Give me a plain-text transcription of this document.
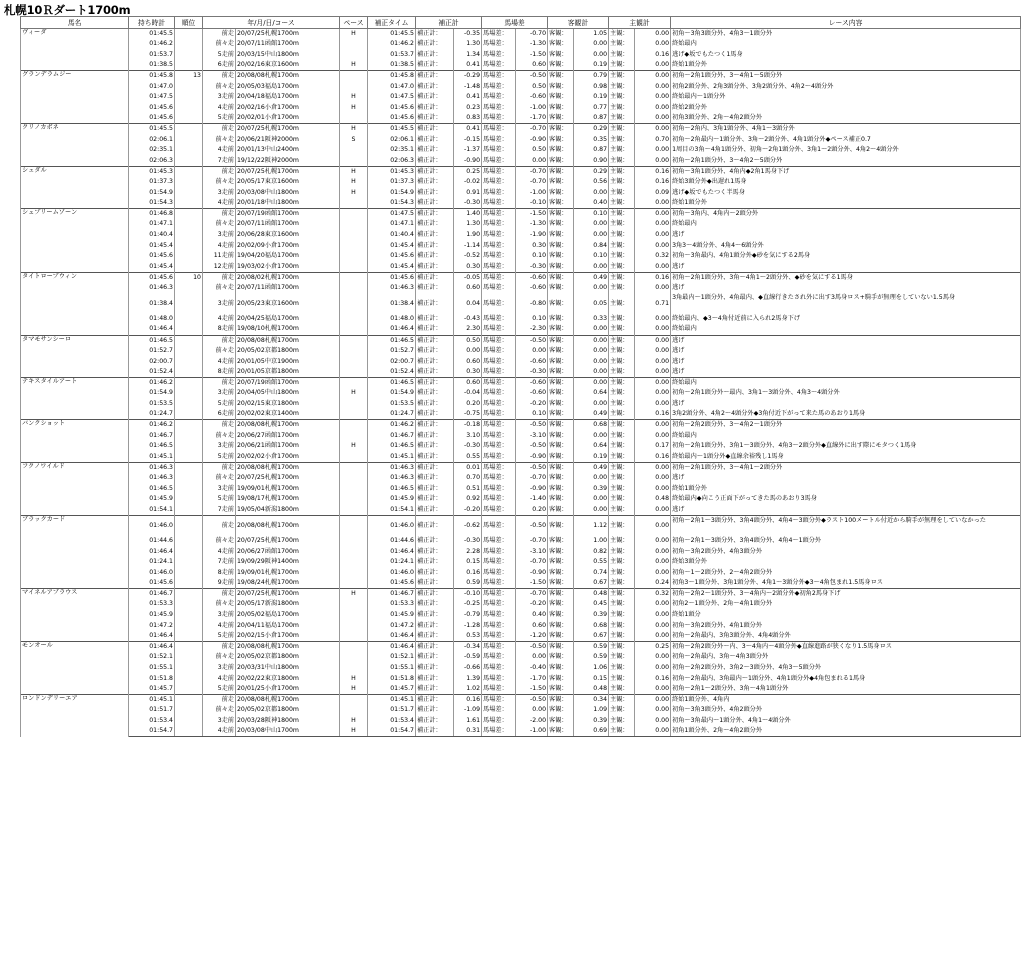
札幌10Ｒダート1700m
馬名	持ち時計	順位	年/月/日/コース		ペース	補正タイム	補正計		馬場差		客観計		主観計		レース内容
ヴィーダ	01:45.5		前走	20/07/25札幌1700m	H	01:45.5	補正計：	-0.35	馬場差：	-0.70	客観：	1.05	主観：	0.00	初角～3角3頭分外、4角3～1頭分外
	01:46.2		前々走	20/07/11函館1700m		01:46.2	補正計：	1.30	馬場差：	-1.30	客観：	0.00	主観：	0.00	終始最内
	01:53.7		5走前	20/03/15中山1800m		01:53.7	補正計：	1.34	馬場差：	-1.50	客観：	0.00	主観：	0.16	逃げ◆坂でもたつく1馬身
	01:38.5		6走前	20/02/16東京1600m	H	01:38.5	補正計：	0.41	馬場差：	0.60	客観：	0.19	主観：	0.00	終始1頭分外
グランデラムジー	01:45.8	13	前走	20/08/08札幌1700m		01:45.8	補正計：	-0.29	馬場差：	-0.50	客観：	0.79	主観：	0.00	初角～2角1頭分外、3～4角1～5頭分外
	01:47.0		前々走	20/05/03福島1700m		01:47.0	補正計：	-1.48	馬場差：	0.50	客観：	0.98	主観：	0.00	初角2頭分外、2角3頭分外、3角2頭分外、4角2～4頭分外
	01:47.5		3走前	20/04/18福島1700m	H	01:47.5	補正計：	0.41	馬場差：	-0.60	客観：	0.19	主観：	0.00	終始最内～1頭分外
	01:45.6		4走前	20/02/16小倉1700m	H	01:45.6	補正計：	0.23	馬場差：	-1.00	客観：	0.77	主観：	0.00	終始2頭分外
	01:45.6		5走前	20/02/01小倉1700m		01:45.6	補正計：	0.83	馬場差：	-1.70	客観：	0.87	主観：	0.00	初角3頭分外、2角～4角2頭分外
クリノカポネ	01:45.5		前走	20/07/25札幌1700m	H	01:45.5	補正計：	0.41	馬場差：	-0.70	客観：	0.29	主観：	0.00	初角～2角内、3角1頭分外、4角1～3頭分外
	02:06.1		前々走	20/06/21阪神2000m	S	02:06.1	補正計：	-0.15	馬場差：	-0.90	客観：	0.35	主観：	0.70	初角～2角最内～1頭分外、3角～2頭分外、4角1頭分外◆ペース補正0.7
	02:35.1		4走前	20/01/13中山2400m		02:35.1	補正計：	-1.37	馬場差：	0.50	客観：	0.87	主観：	0.00	1周目の3角～4角1頭分外、初角～2角1頭分外、3角1～2頭分外、4角2～4頭分外
	02:06.3		7走前	19/12/22阪神2000m		02:06.3	補正計：	-0.90	馬場差：	0.00	客観：	0.90	主観：	0.00	初角～2角1頭分外、3～4角2～5頭分外
シェダル	01:45.3		前走	20/07/25札幌1700m	H	01:45.3	補正計：	0.25	馬場差：	-0.70	客観：	0.29	主観：	0.16	初角～3角1頭分外、4角内◆2角1馬身下げ
	01:37.3		前々走	20/05/17東京1600m	H	01:37.3	補正計：	-0.02	馬場差：	-0.70	客観：	0.56	主観：	0.16	終始3頭分外◆出遅れ1馬身
	01:54.9		3走前	20/03/08中山1800m	H	01:54.9	補正計：	0.91	馬場差：	-1.00	客観：	0.00	主観：	0.09	逃げ◆坂でもたつく半馬身
	01:54.3		4走前	20/01/18中山1800m		01:54.3	補正計：	-0.30	馬場差：	-0.10	客観：	0.40	主観：	0.00	終始1頭分外
シュプリームゾーン	01:46.8		前走	20/07/19函館1700m		01:47.5	補正計：	1.40	馬場差：	-1.50	客観：	0.10	主観：	0.00	初角～3角内、4角内～2頭分外
	01:47.1		前々走	20/07/11函館1700m		01:47.1	補正計：	1.30	馬場差：	-1.30	客観：	0.00	主観：	0.00	終始最内
	01:40.4		3走前	20/06/28東京1600m		01:40.4	補正計：	1.90	馬場差：	-1.90	客観：	0.00	主観：	0.00	逃げ
	01:45.4		4走前	20/02/09小倉1700m		01:45.4	補正計：	-1.14	馬場差：	0.30	客観：	0.84	主観：	0.00	3角3～4頭分外、4角4～6頭分外
	01:45.6		11走前	19/04/20福島1700m		01:45.6	補正計：	-0.52	馬場差：	0.10	客観：	0.10	主観：	0.32	初角～3角最内、4角1頭分外◆砂を気にする2馬身
	01:45.4		12走前	19/03/02小倉1700m		01:45.4	補正計：	0.30	馬場差：	-0.30	客観：	0.00	主観：	0.00	逃げ
タイトロープウィン	01:45.6	10	前走	20/08/02札幌1700m		01:45.6	補正計：	-0.05	馬場差：	-0.60	客観：	0.49	主観：	0.16	初角～2角1頭分外、3角～4角1～2頭分外、◆砂を気にする1馬身
	01:46.3		前々走	20/07/11函館1700m		01:46.3	補正計：	0.60	馬場差：	-0.60	客観：	0.00	主観：	0.00	逃げ
	01:38.4		3走前	20/05/23東京1600m		01:38.4	補正計：	0.04	馬場差：	-0.80	客観：	0.05	主観：	0.71	3角最内～1頭分外、4角最内、◆直線行きたされ外に出す3馬身ロス+騎手が無理をしていない1.5馬身
	01:48.0		4走前	20/04/25福島1700m		01:48.0	補正計：	-0.43	馬場差：	0.10	客観：	0.33	主観：	0.00	終始最内、◆3～4角付近前に入られ2馬身下げ
	01:46.4		8走前	19/08/10札幌1700m		01:46.4	補正計：	2.30	馬場差：	-2.30	客観：	0.00	主観：	0.00	終始最内
タマモサンシーロ	01:46.5		前走	20/08/08札幌1700m		01:46.5	補正計：	0.50	馬場差：	-0.50	客観：	0.00	主観：	0.00	逃げ
	01:52.7		前々走	20/05/02京都1800m		01:52.7	補正計：	0.00	馬場差：	0.00	客観：	0.00	主観：	0.00	逃げ
	02:00.7		4走前	20/01/05中京1900m		02:00.7	補正計：	0.60	馬場差：	-0.60	客観：	0.00	主観：	0.00	逃げ
	01:52.4		8走前	20/01/05京都1800m		01:52.4	補正計：	0.30	馬場差：	-0.30	客観：	0.00	主観：	0.00	逃げ
テキスタイルアート	01:46.2		前走	20/07/19函館1700m		01:46.5	補正計：	0.60	馬場差：	-0.60	客観：	0.00	主観：	0.00	終始最内
	01:54.9		3走前	20/04/05中山1800m	H	01:54.9	補正計：	-0.04	馬場差：	-0.60	客観：	0.64	主観：	0.00	初角～2角1頭分外～最内、3角1～3頭分外、4角3～4頭分外
	01:53.5		5走前	20/02/15東京1800m		01:53.5	補正計：	0.20	馬場差：	-0.20	客観：	0.00	主観：	0.00	逃げ
	01:24.7		6走前	20/02/02東京1400m		01:24.7	補正計：	-0.75	馬場差：	0.10	客観：	0.49	主観：	0.16	3角2頭分外、4角2～4頭分外◆3角付近下がって来た馬のあおり1馬身
バンクショット	01:46.2		前走	20/08/08札幌1700m		01:46.2	補正計：	-0.18	馬場差：	-0.50	客観：	0.68	主観：	0.00	初角～2角2頭分外、3～4角2～1頭分外
	01:46.7		前々走	20/06/27函館1700m		01:46.7	補正計：	3.10	馬場差：	-3.10	客観：	0.00	主観：	0.00	終始最内
	01:46.5		3走前	20/06/21函館1700m	H	01:46.5	補正計：	-0.30	馬場差：	-0.50	客観：	0.64	主観：	0.17	初角～2角1頭分外、3角1～3頭分外、4角3～2頭分外◆直線外に出す際にモタつく1馬身
	01:45.1		5走前	20/02/02小倉1700m		01:45.1	補正計：	0.55	馬場差：	-0.90	客観：	0.19	主観：	0.16	終始最内～1頭分外◆直線余裕残し1馬身
フクノワイルド	01:46.3		前走	20/08/08札幌1700m		01:46.3	補正計：	0.01	馬場差：	-0.50	客観：	0.49	主観：	0.00	初角～2角1頭分外、3～4角1～2頭分外
	01:46.3		前々走	20/07/25札幌1700m		01:46.3	補正計：	0.70	馬場差：	-0.70	客観：	0.00	主観：	0.00	逃げ
	01:46.5		3走前	19/09/01札幌1700m		01:46.5	補正計：	0.51	馬場差：	-0.90	客観：	0.39	主観：	0.00	終始1頭分外
	01:45.9		5走前	19/08/17札幌1700m		01:45.9	補正計：	0.92	馬場差：	-1.40	客観：	0.00	主観：	0.48	終始最内◆向こう正面下がってきた馬のあおり3馬身
	01:54.1		7走前	19/05/04新潟1800m		01:54.1	補正計：	-0.20	馬場差：	0.20	客観：	0.00	主観：	0.00	逃げ
ブラックカード	01:46.0		前走	20/08/08札幌1700m		01:46.0	補正計：	-0.62	馬場差：	-0.50	客観：	1.12	主観：	0.00	初角～2角1～3頭分外、3角4頭分外、4角4～3頭分外◆ラスト100メートル付近から騎手が無理をしていなかった
	01:44.6		前々走	20/07/25札幌1700m		01:44.6	補正計：	-0.30	馬場差：	-0.70	客観：	1.00	主観：	0.00	初角～2角1～3頭分外、3角4頭分外、4角4～1頭分外
	01:46.4		4走前	20/06/27函館1700m		01:46.4	補正計：	2.28	馬場差：	-3.10	客観：	0.82	主観：	0.00	初角～3角2頭分外、4角3頭分外
	01:24.1		7走前	19/09/29阪神1400m		01:24.1	補正計：	0.15	馬場差：	-0.70	客観：	0.55	主観：	0.00	終始3頭分外
	01:46.0		8走前	19/09/01札幌1700m		01:46.0	補正計：	0.16	馬場差：	-0.90	客観：	0.74	主観：	0.00	初角～1～2頭分外、2～4角2頭分外
	01:45.6		9走前	19/08/24札幌1700m		01:45.6	補正計：	0.59	馬場差：	-1.50	客観：	0.67	主観：	0.24	初角3～1頭分外、3角1頭分外、4角1～3頭分外◆3～4角包まれ1.5馬身ロス
マイネルアプラウス	01:46.7		前走	20/07/25札幌1700m	H	01:46.7	補正計：	-0.10	馬場差：	-0.70	客観：	0.48	主観：	0.32	初角～2角2～1頭分外、3～4角内～2頭分外◆初角2馬身下げ
	01:53.3		前々走	20/05/17新潟1800m		01:53.3	補正計：	-0.25	馬場差：	-0.20	客観：	0.45	主観：	0.00	初角2～1頭分外、2角～4角1頭分外
	01:45.9		3走前	20/05/02福島1700m		01:45.9	補正計：	-0.79	馬場差：	0.40	客観：	0.39	主観：	0.00	終始1頭分
	01:47.2		4走前	20/04/11福島1700m		01:47.2	補正計：	-1.28	馬場差：	0.60	客観：	0.68	主観：	0.00	初角～3角2頭分外、4角1頭分外
	01:46.4		5走前	20/02/15小倉1700m		01:46.4	補正計：	0.53	馬場差：	-1.20	客観：	0.67	主観：	0.00	初角～2角最内、3角3頭分外、4角4頭分外
モンオール	01:46.4		前走	20/08/08札幌1700m		01:46.4	補正計：	-0.34	馬場差：	-0.50	客観：	0.59	主観：	0.25	初角～2角2頭分外～内、3～4角内～4頭分外◆直線進路が狭くなり1.5馬身ロス
	01:52.1		前々走	20/05/02京都1800m		01:52.1	補正計：	-0.59	馬場差：	0.00	客観：	0.59	主観：	0.00	初角～2角最内、3角～4角3頭分外
	01:55.1		3走前	20/03/31中山1800m		01:55.1	補正計：	-0.66	馬場差：	-0.40	客観：	1.06	主観：	0.00	初角～2角2頭分外、3角2～3頭分外、4角3～5頭分外
	01:51.8		4走前	20/02/22東京1800m	H	01:51.8	補正計：	1.39	馬場差：	-1.70	客観：	0.15	主観：	0.16	初角～2角最内、3角最内～1頭分外、4角1頭分外◆4角包まれる1馬身
	01:45.7		5走前	20/01/25小倉1700m	H	01:45.7	補正計：	1.02	馬場差：	-1.50	客観：	0.48	主観：	0.00	初角～2角1～2頭分外、3角～4角1頭分外
ロンドンデリーエア	01:45.1		前走	20/08/08札幌1700m		01:45.1	補正計：	0.16	馬場差：	-0.50	客観：	0.34	主観：	0.00	終始1頭分外、4角内
	01:51.7		前々走	20/05/02京都1800m		01:51.7	補正計：	-1.09	馬場差：	0.00	客観：	1.09	主観：	0.00	初角～3角3頭分外、4角2頭分外
	01:53.4		3走前	20/03/28阪神1800m	H	01:53.4	補正計：	1.61	馬場差：	-2.00	客観：	0.39	主観：	0.00	初角～3角最内～1頭分外、4角1～4頭分外
	01:54.7		4走前	20/03/08中山1700m	H	01:54.7	補正計：	0.31	馬場差：	-1.00	客観：	0.69	主観：	0.00	初角1頭分外、2角～4角2頭分外
